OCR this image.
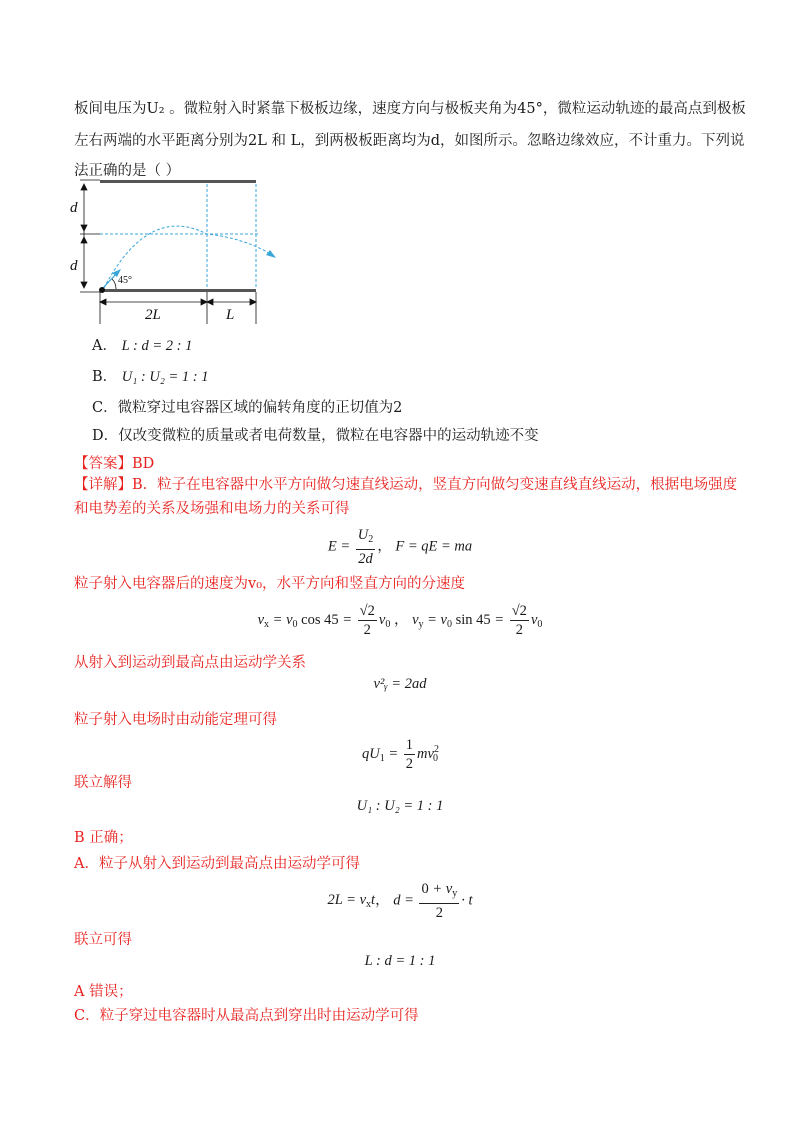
板间电压为U₂ 。微粒射入时紧靠下极板边缘，速度方向与极板夹角为45°，微粒运动轨迹的最高点到极板
左右两端的水平距离分别为2L 和 L，到两极板距离均为d，如图所示。忽略边缘效应，不计重力。下列说
法正确的是（ ）
45°
d
d
2L	L
A． L : d = 2 : 1
B． U₁ : U₂ = 1 : 1
C．微粒穿过电容器区域的偏转角度的正切值为2
D．仅改变微粒的质量或者电荷数量，微粒在电容器中的运动轨迹不变
【答案】BD
【详解】B．粒子在电容器中水平方向做匀速直线运动，竖直方向做匀变速直线直线运动，根据电场强度
和电势差的关系及场强和电场力的关系可得
$E = \frac{U_2}{2d}$ ， F = qE = ma
粒子射入电容器后的速度为v₀，水平方向和竖直方向的分速度
$v_x = v_0$ $\cos 45 = \frac{√2}{2} v_0$ ， $v_y = v_0$ $\sin 45 = \frac{√2}{2} v_0$
从射入到运动到最高点由运动学关系
v²ᵧ = 2ad
粒子射入电场时由动能定理可得
$qU_1 = \frac{1}{2} mv^2_0$
联立解得
U₁ : U₂ = 1 : 1
B 正确；
A．粒子从射入到运动到最高点由运动学可得
$2L = v_xt$， $d = \frac{0 + v_y}{2} \cdot t$
联立可得
L : d = 1 : 1
A 错误；
C．粒子穿过电容器时从最高点到穿出时由运动学可得
